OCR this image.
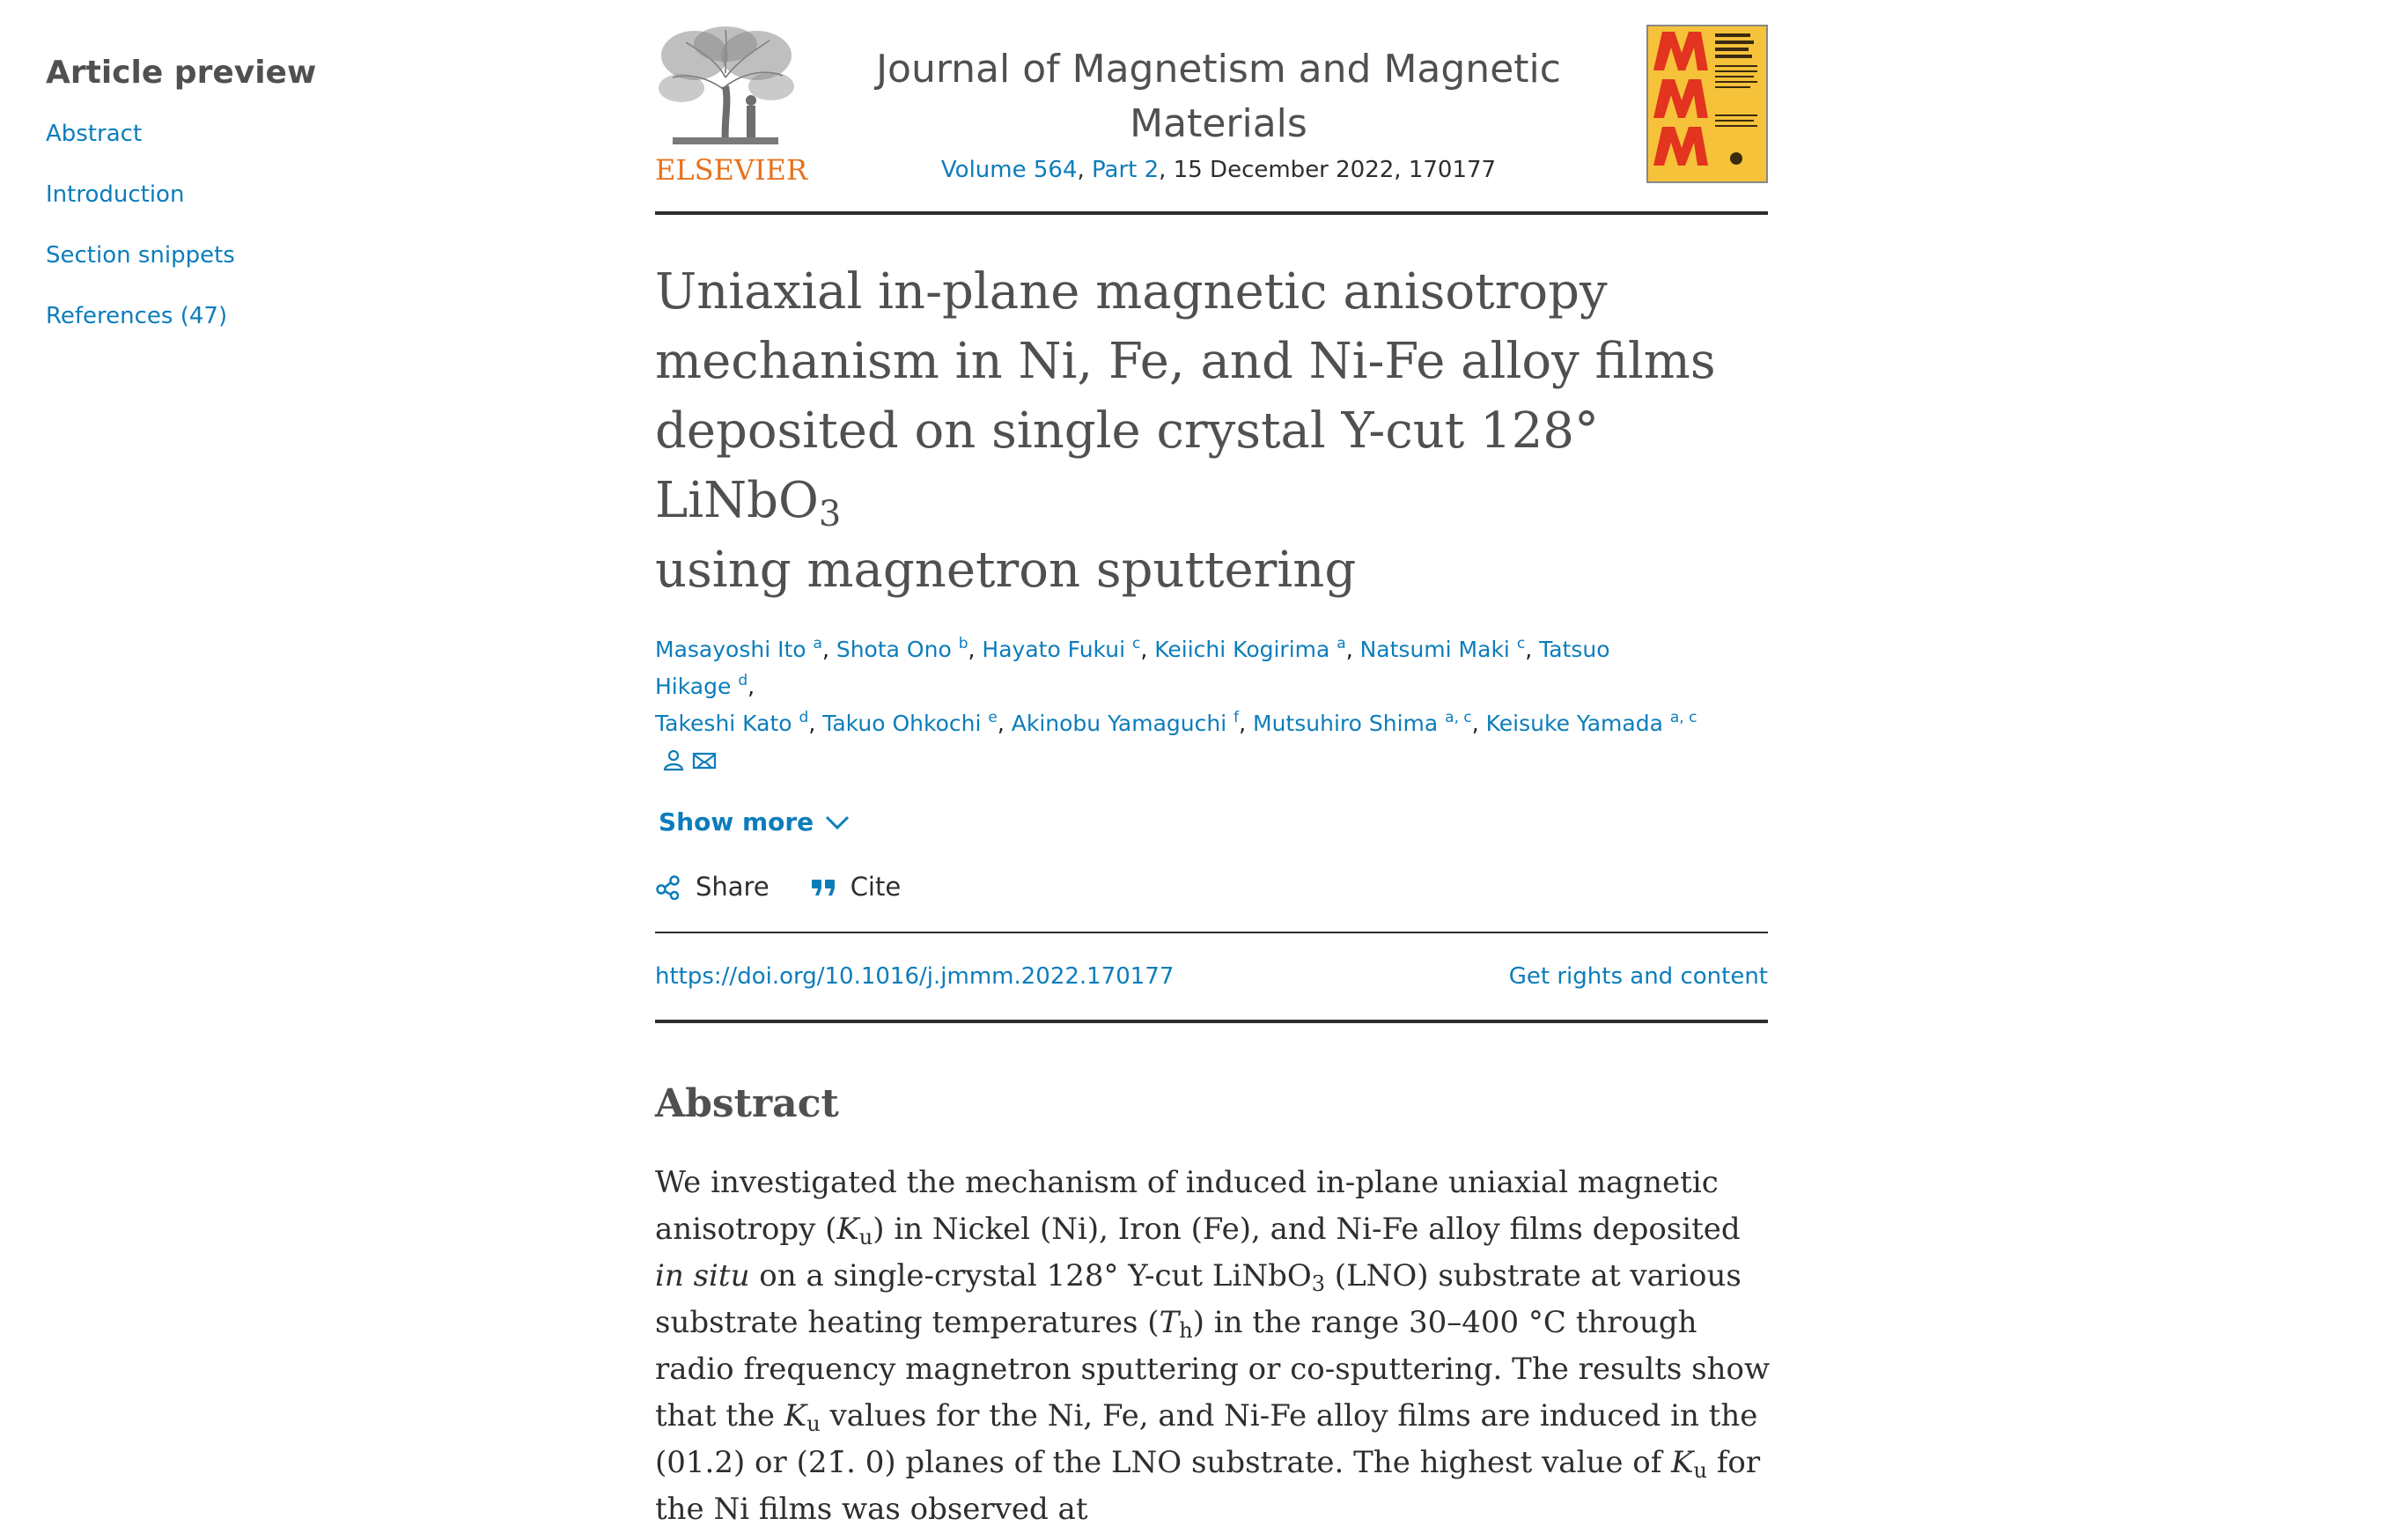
Article preview
Abstract
Introduction
Section snippets
References (47)
ELSEVIER
Journal of Magnetism and Magnetic Materials
Volume 564, Part 2, 15 December 2022, 170177
Uniaxial in-plane magnetic anisotropy mechanism in Ni, Fe, and Ni-Fe alloy films deposited on single crystal Y-cut 128° LiNbO$_3$
using magnetron sputtering
Masayoshi Ito $^a$, Shota Ono $^b$, Hayato Fukui $^c$, Keiichi Kogirima $^a$, Natsumi Maki $^c$, Tatsuo Hikage $^d$,
Takeshi Kato $^d$, Takuo Ohkochi $^e$, Akinobu Yamaguchi $^f$, Mutsuhiro Shima $^{a, c}$, Keisuke Yamada $^{a, c}$
Show more
Share	Cite
https://doi.org/10.1016/j.jmmm.2022.170177	Get rights and content
Abstract
We investigated the mechanism of induced in-plane uniaxial magnetic anisotropy $(K_u)$ in Nickel (Ni), Iron (Fe), and Ni-Fe alloy films deposited in situ on a single-crystal 128° Y-cut LiNbO$_3$ (LNO) substrate at various substrate heating temperatures $(T_h)$ in the range 30–400 °C through radio frequency magnetron sputtering or co-sputtering. The results show that the $K_u$ values for the Ni, Fe, and Ni-Fe alloy films are induced in the (01.2) or (21̄. 0) planes of the LNO substrate. The highest value of $K_u$ for the Ni films was observed at
